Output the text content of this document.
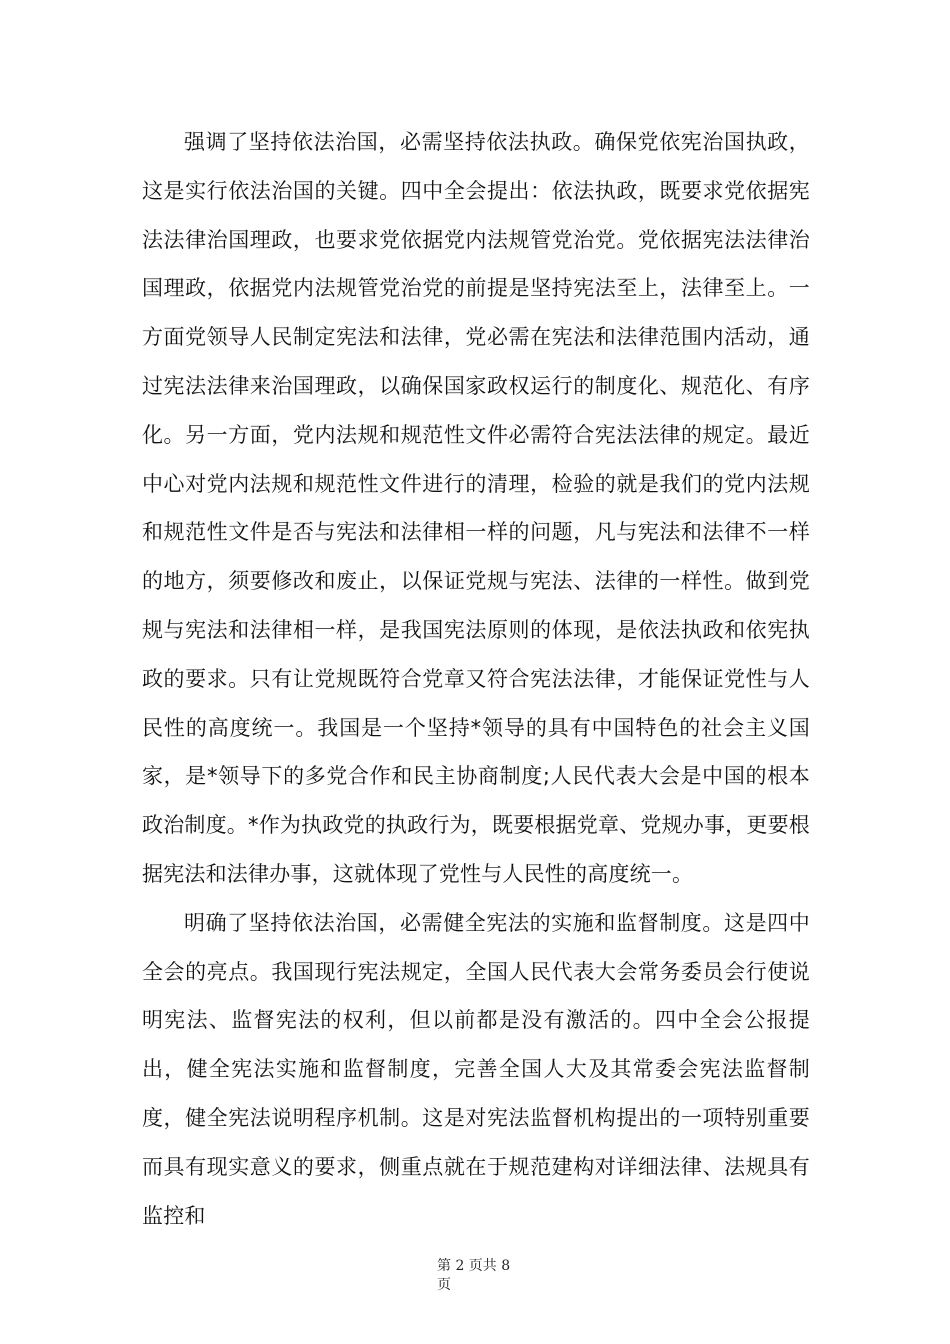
强调了坚持依法治国，必需坚持依法执政。确保党依宪治国执政，这是实行依法治国的关键。四中全会提出：依法执政，既要求党依据宪法法律治国理政，也要求党依据党内法规管党治党。党依据宪法法律治国理政，依据党内法规管党治党的前提是坚持宪法至上，法律至上。一方面党领导人民制定宪法和法律，党必需在宪法和法律范围内活动，通过宪法法律来治国理政，以确保国家政权运行的制度化、规范化、有序化。另一方面，党内法规和规范性文件必需符合宪法法律的规定。最近中心对党内法规和规范性文件进行的清理，检验的就是我们的党内法规和规范性文件是否与宪法和法律相一样的问题，凡与宪法和法律不一样的地方，须要修改和废止，以保证党规与宪法、法律的一样性。做到党规与宪法和法律相一样，是我国宪法原则的体现，是依法执政和依宪执政的要求。只有让党规既符合党章又符合宪法法律，才能保证党性与人民性的高度统一。我国是一个坚持*领导的具有中国特色的社会主义国家，是*领导下的多党合作和民主协商制度;人民代表大会是中国的根本政治制度。*作为执政党的执政行为，既要根据党章、党规办事，更要根据宪法和法律办事，这就体现了党性与人民性的高度统一。

明确了坚持依法治国，必需健全宪法的实施和监督制度。这是四中全会的亮点。我国现行宪法规定，全国人民代表大会常务委员会行使说明宪法、监督宪法的权利，但以前都是没有激活的。四中全会公报提出，健全宪法实施和监督制度，完善全国人大及其常委会宪法监督制度，健全宪法说明程序机制。这是对宪法监督机构提出的一项特别重要而具有现实意义的要求，侧重点就在于规范建构对详细法律、法规具有监控和

第 2 页共 8 页
